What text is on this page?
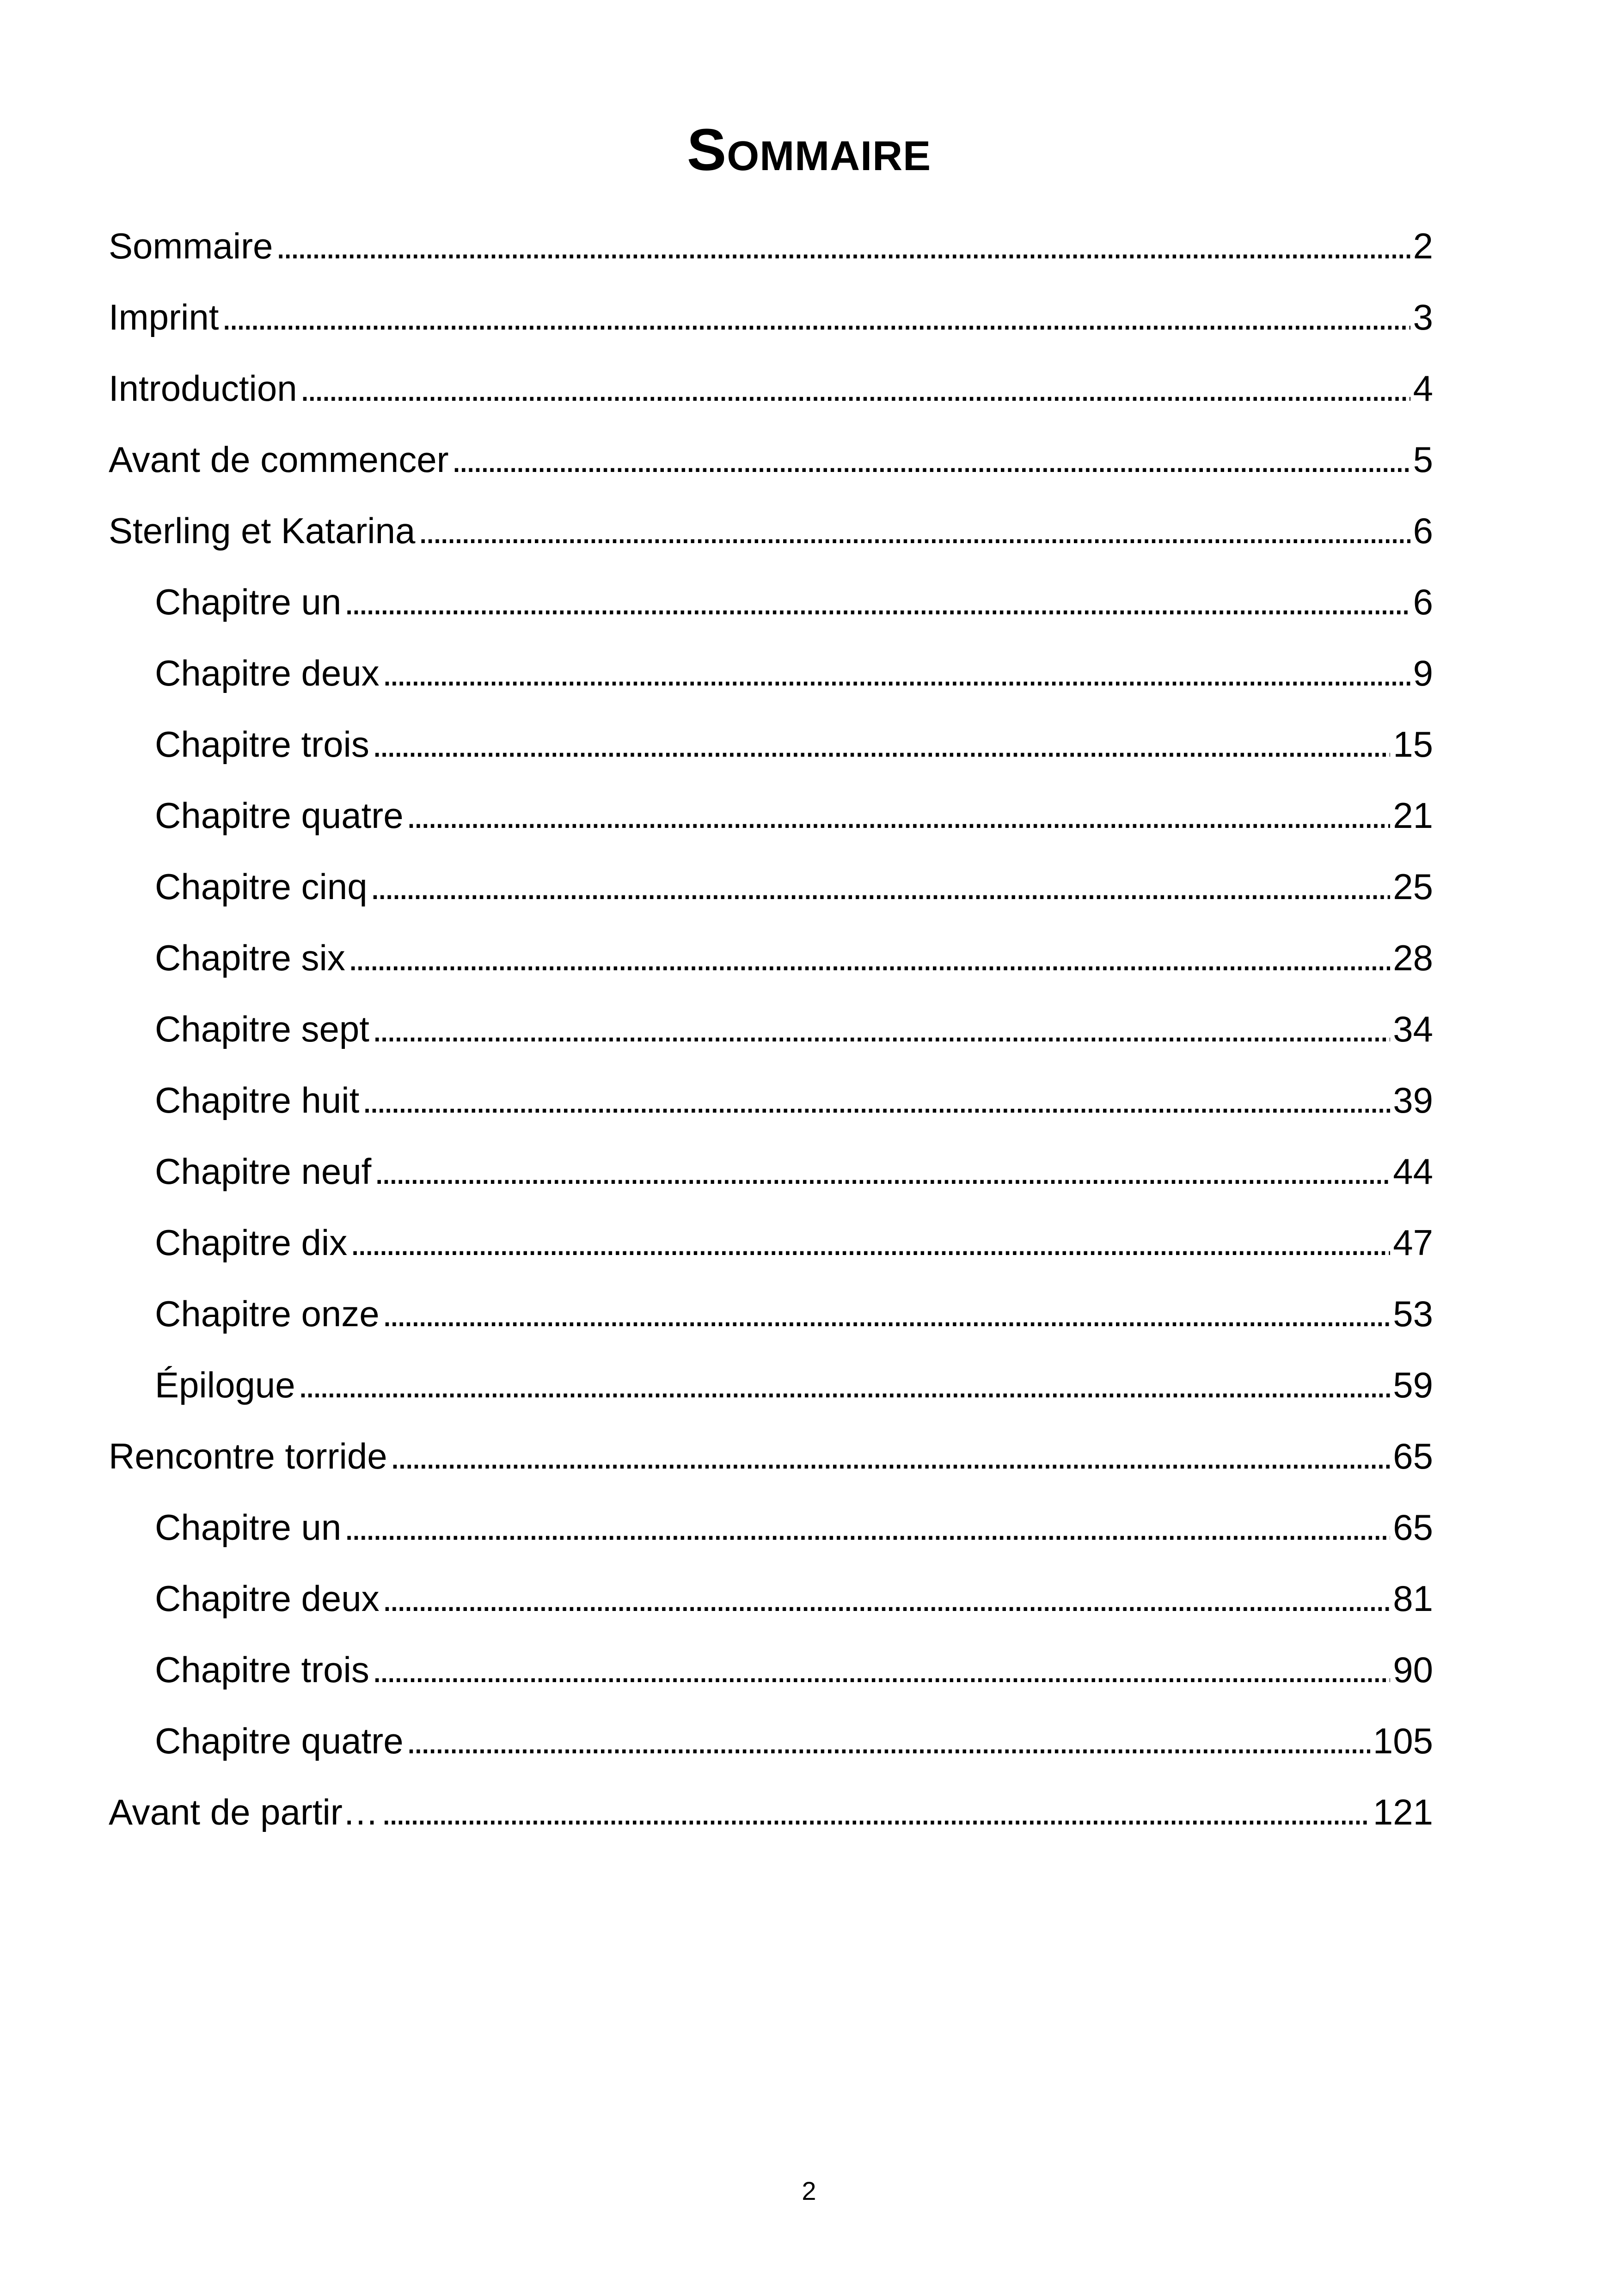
Sommaire
Sommaire . . .	2
Imprint . . .	3
Introduction . . .	4
Avant de commencer . . .	5
Sterling et Katarina . . .	6
Chapitre un . . .	6
Chapitre deux . . .	9
Chapitre trois . . .	15
Chapitre quatre . . .	21
Chapitre cinq . . .	25
Chapitre six . . .	28
Chapitre sept . . .	34
Chapitre huit . . .	39
Chapitre neuf . . .	44
Chapitre dix . . .	47
Chapitre onze . . .	53
Épilogue . . .	59
Rencontre torride . . .	65
Chapitre un . . .	65
Chapitre deux . . .	81
Chapitre trois . . .	90
Chapitre quatre . . .	105
Avant de partir… . . .	121
2
